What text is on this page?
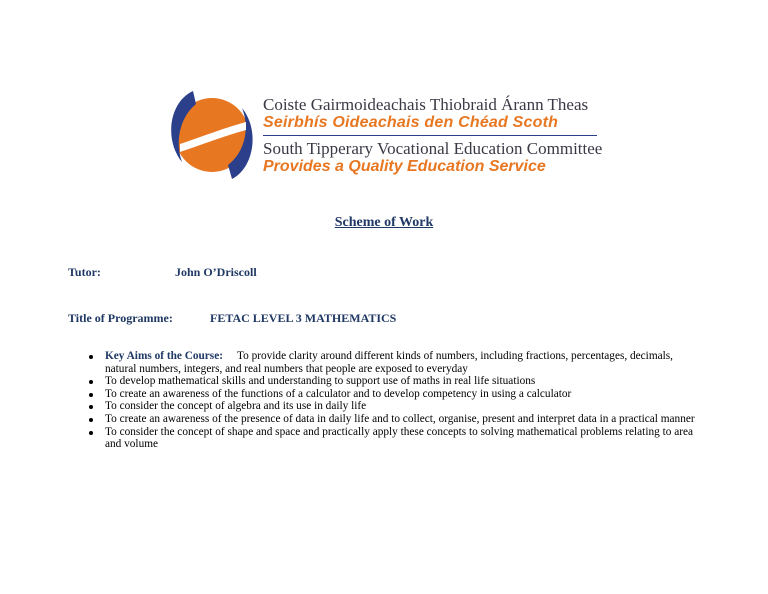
Coiste Gairmoideachais Thiobraid Árann Theas
Seirbhís Oideachais den Chéad Scoth
South Tipperary Vocational Education Committee
Provides a Quality Education Service
Scheme of Work
Tutor:	John O’Driscoll
Title of Programme:	FETAC LEVEL 3 MATHEMATICS
Key Aims of the Course: To provide clarity around different kinds of numbers, including fractions, percentages, decimals, natural numbers, integers, and real numbers that people are exposed to everyday
To develop mathematical skills and understanding to support use of maths in real life situations
To create an awareness of the functions of a calculator and to develop competency in using a calculator
To consider the concept of algebra and its use in daily life
To create an awareness of the presence of data in daily life and to collect, organise, present and interpret data in a practical manner
To consider the concept of shape and space and practically apply these concepts to solving mathematical problems relating to area and volume
